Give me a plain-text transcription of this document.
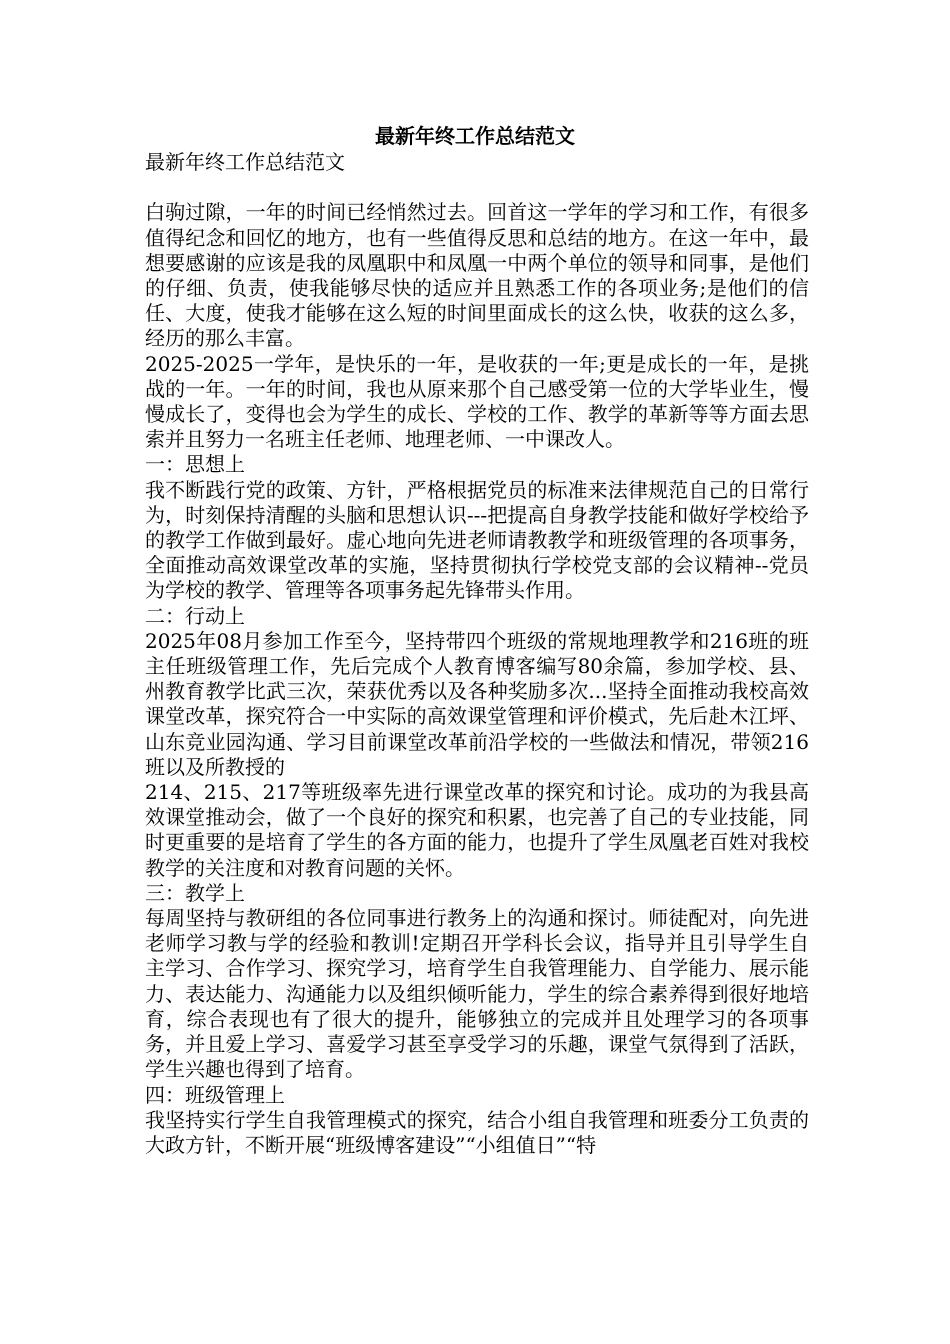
最新年终工作总结范文

最新年终工作总结范文

白驹过隙，一年的时间已经悄然过去。回首这一学年的学习和工作，有很多值得纪念和回忆的地方，也有一些值得反思和总结的地方。在这一年中，最想要感谢的应该是我的凤凰职中和凤凰一中两个单位的领导和同事，是他们的仔细、负责，使我能够尽快的适应并且熟悉工作的各项业务;是他们的信任、大度，使我才能够在这么短的时间里面成长的这么快，收获的这么多，经历的那么丰富。

2025-2025一学年，是快乐的一年，是收获的一年;更是成长的一年，是挑战的一年。一年的时间，我也从原来那个自己感受第一位的大学毕业生，慢慢成长了，变得也会为学生的成长、学校的工作、教学的革新等等方面去思索并且努力一名班主任老师、地理老师、一中课改人。

一：思想上

我不断践行党的政策、方针，严格根据党员的标准来法律规范自己的日常行为，时刻保持清醒的头脑和思想认识---把提高自身教学技能和做好学校给予的教学工作做到最好。虚心地向先进老师请教教学和班级管理的各项事务，全面推动高效课堂改革的实施，坚持贯彻执行学校党支部的会议精神--党员为学校的教学、管理等各项事务起先锋带头作用。

二：行动上

2025年08月参加工作至今，坚持带四个班级的常规地理教学和216班的班主任班级管理工作，先后完成个人教育博客编写80余篇，参加学校、县、州教育教学比武三次，荣获优秀以及各种奖励多次...坚持全面推动我校高效课堂改革，探究符合一中实际的高效课堂管理和评价模式，先后赴木江坪、山东竞业园沟通、学习目前课堂改革前沿学校的一些做法和情况，带领216班以及所教授的

214、215、217等班级率先进行课堂改革的探究和讨论。成功的为我县高效课堂推动会，做了一个良好的探究和积累，也完善了自己的专业技能，同时更重要的是培育了学生的各方面的能力，也提升了学生凤凰老百姓对我校教学的关注度和对教育问题的关怀。

三：教学上

每周坚持与教研组的各位同事进行教务上的沟通和探讨。师徒配对，向先进老师学习教与学的经验和教训!定期召开学科长会议，指导并且引导学生自主学习、合作学习、探究学习，培育学生自我管理能力、自学能力、展示能力、表达能力、沟通能力以及组织倾听能力，学生的综合素养得到很好地培育，综合表现也有了很大的提升，能够独立的完成并且处理学习的各项事务，并且爱上学习、喜爱学习甚至享受学习的乐趣，课堂气氛得到了活跃，学生兴趣也得到了培育。

四：班级管理上

我坚持实行学生自我管理模式的探究，结合小组自我管理和班委分工负责的大政方针，不断开展“班级博客建设”“小组值日”“特
